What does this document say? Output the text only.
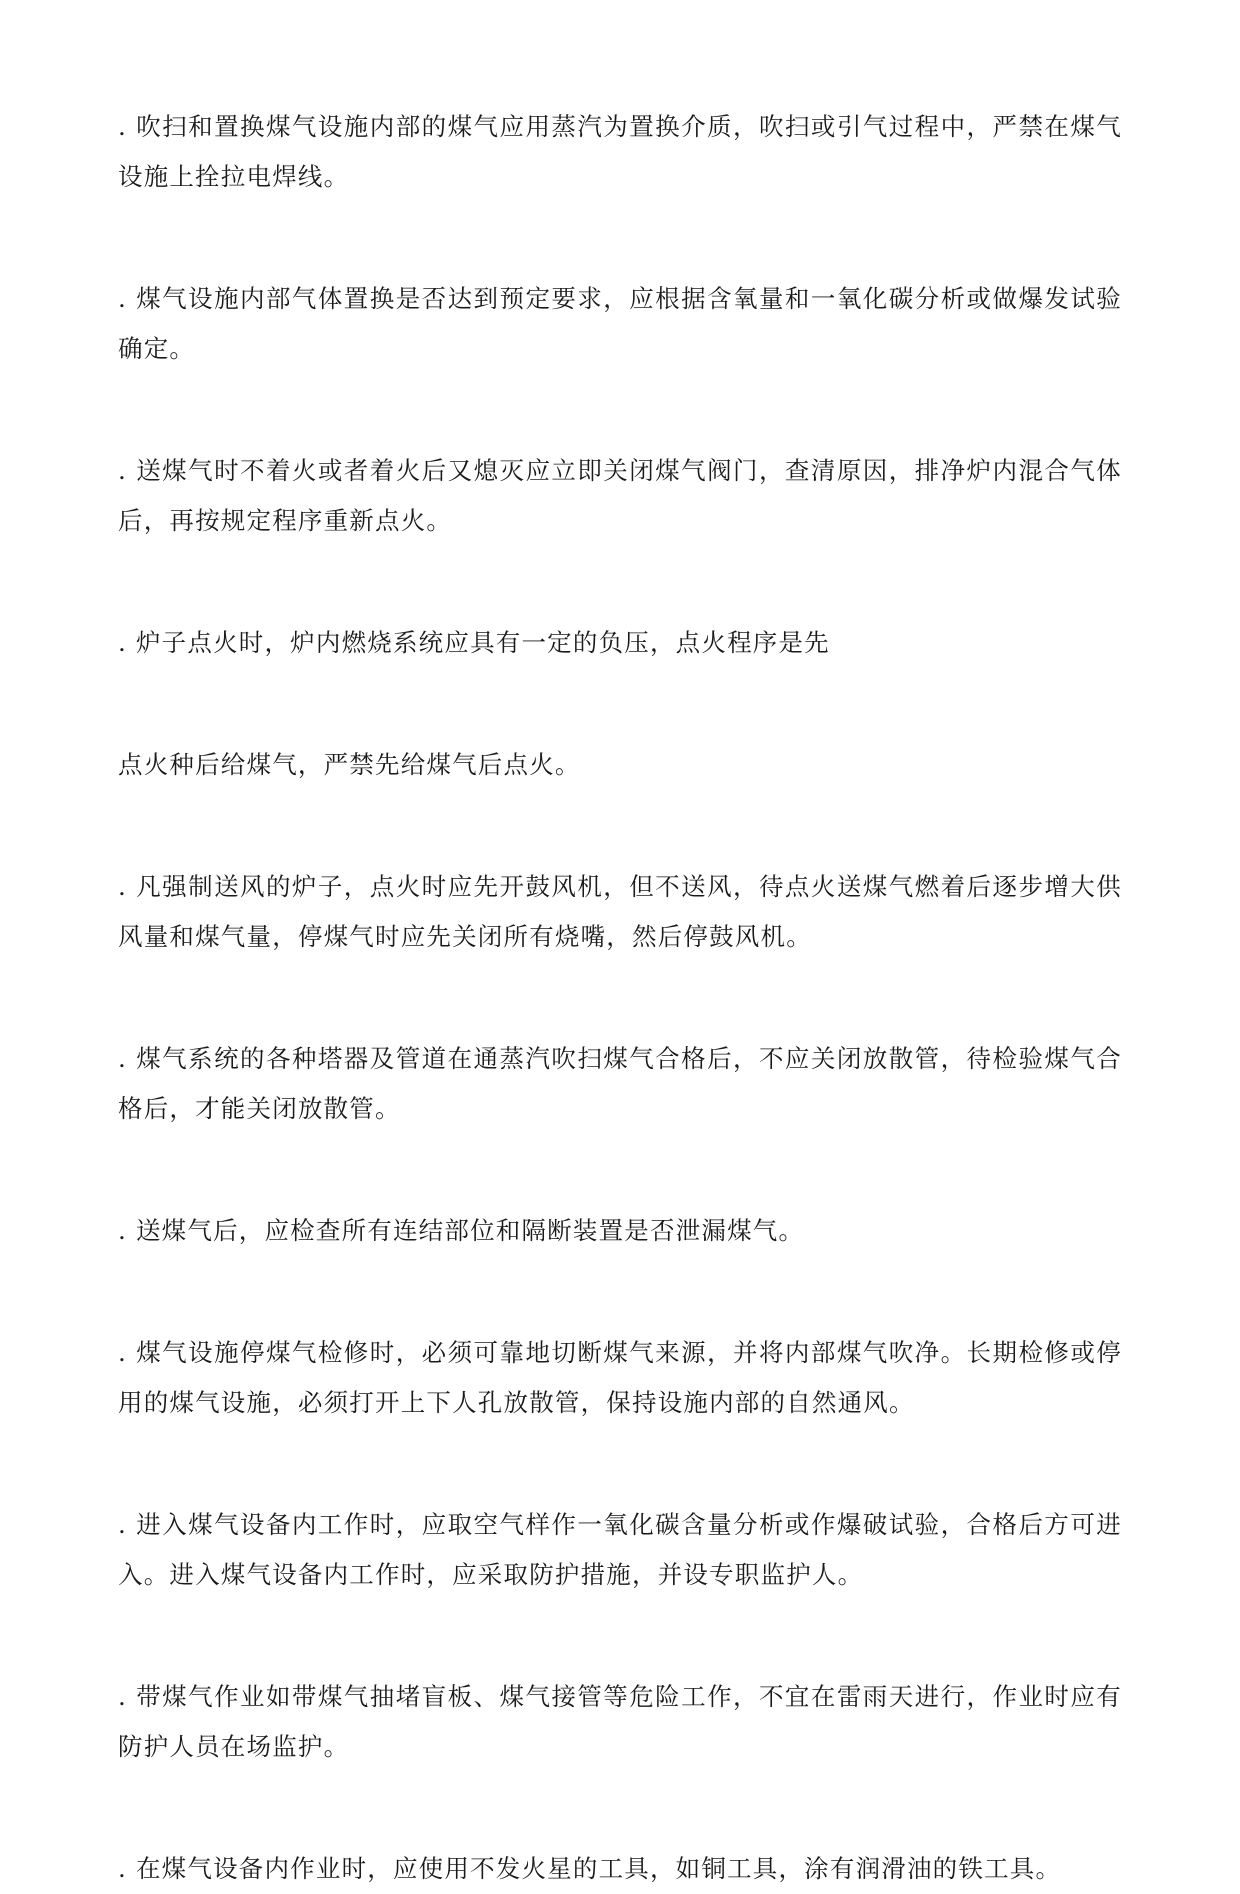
. 吹扫和置换煤气设施内部的煤气应用蒸汽为置换介质，吹扫或引气过程中，严禁在煤气设施上拴拉电焊线。

. 煤气设施内部气体置换是否达到预定要求，应根据含氧量和一氧化碳分析或做爆发试验确定。

. 送煤气时不着火或者着火后又熄灭应立即关闭煤气阀门，查清原因，排净炉内混合气体后，再按规定程序重新点火。

. 炉子点火时，炉内燃烧系统应具有一定的负压，点火程序是先

点火种后给煤气，严禁先给煤气后点火。

. 凡强制送风的炉子，点火时应先开鼓风机，但不送风，待点火送煤气燃着后逐步增大供风量和煤气量，停煤气时应先关闭所有烧嘴，然后停鼓风机。

. 煤气系统的各种塔器及管道在通蒸汽吹扫煤气合格后，不应关闭放散管，待检验煤气合格后，才能关闭放散管。

. 送煤气后，应检查所有连结部位和隔断装置是否泄漏煤气。

. 煤气设施停煤气检修时，必须可靠地切断煤气来源，并将内部煤气吹净。长期检修或停用的煤气设施，必须打开上下人孔放散管，保持设施内部的自然通风。

. 进入煤气设备内工作时，应取空气样作一氧化碳含量分析或作爆破试验，合格后方可进入。进入煤气设备内工作时，应采取防护措施，并设专职监护人。

. 带煤气作业如带煤气抽堵盲板、煤气接管等危险工作，不宜在雷雨天进行，作业时应有防护人员在场监护。

. 在煤气设备内作业时，应使用不发火星的工具，如铜工具，涂有润滑油的铁工具。
